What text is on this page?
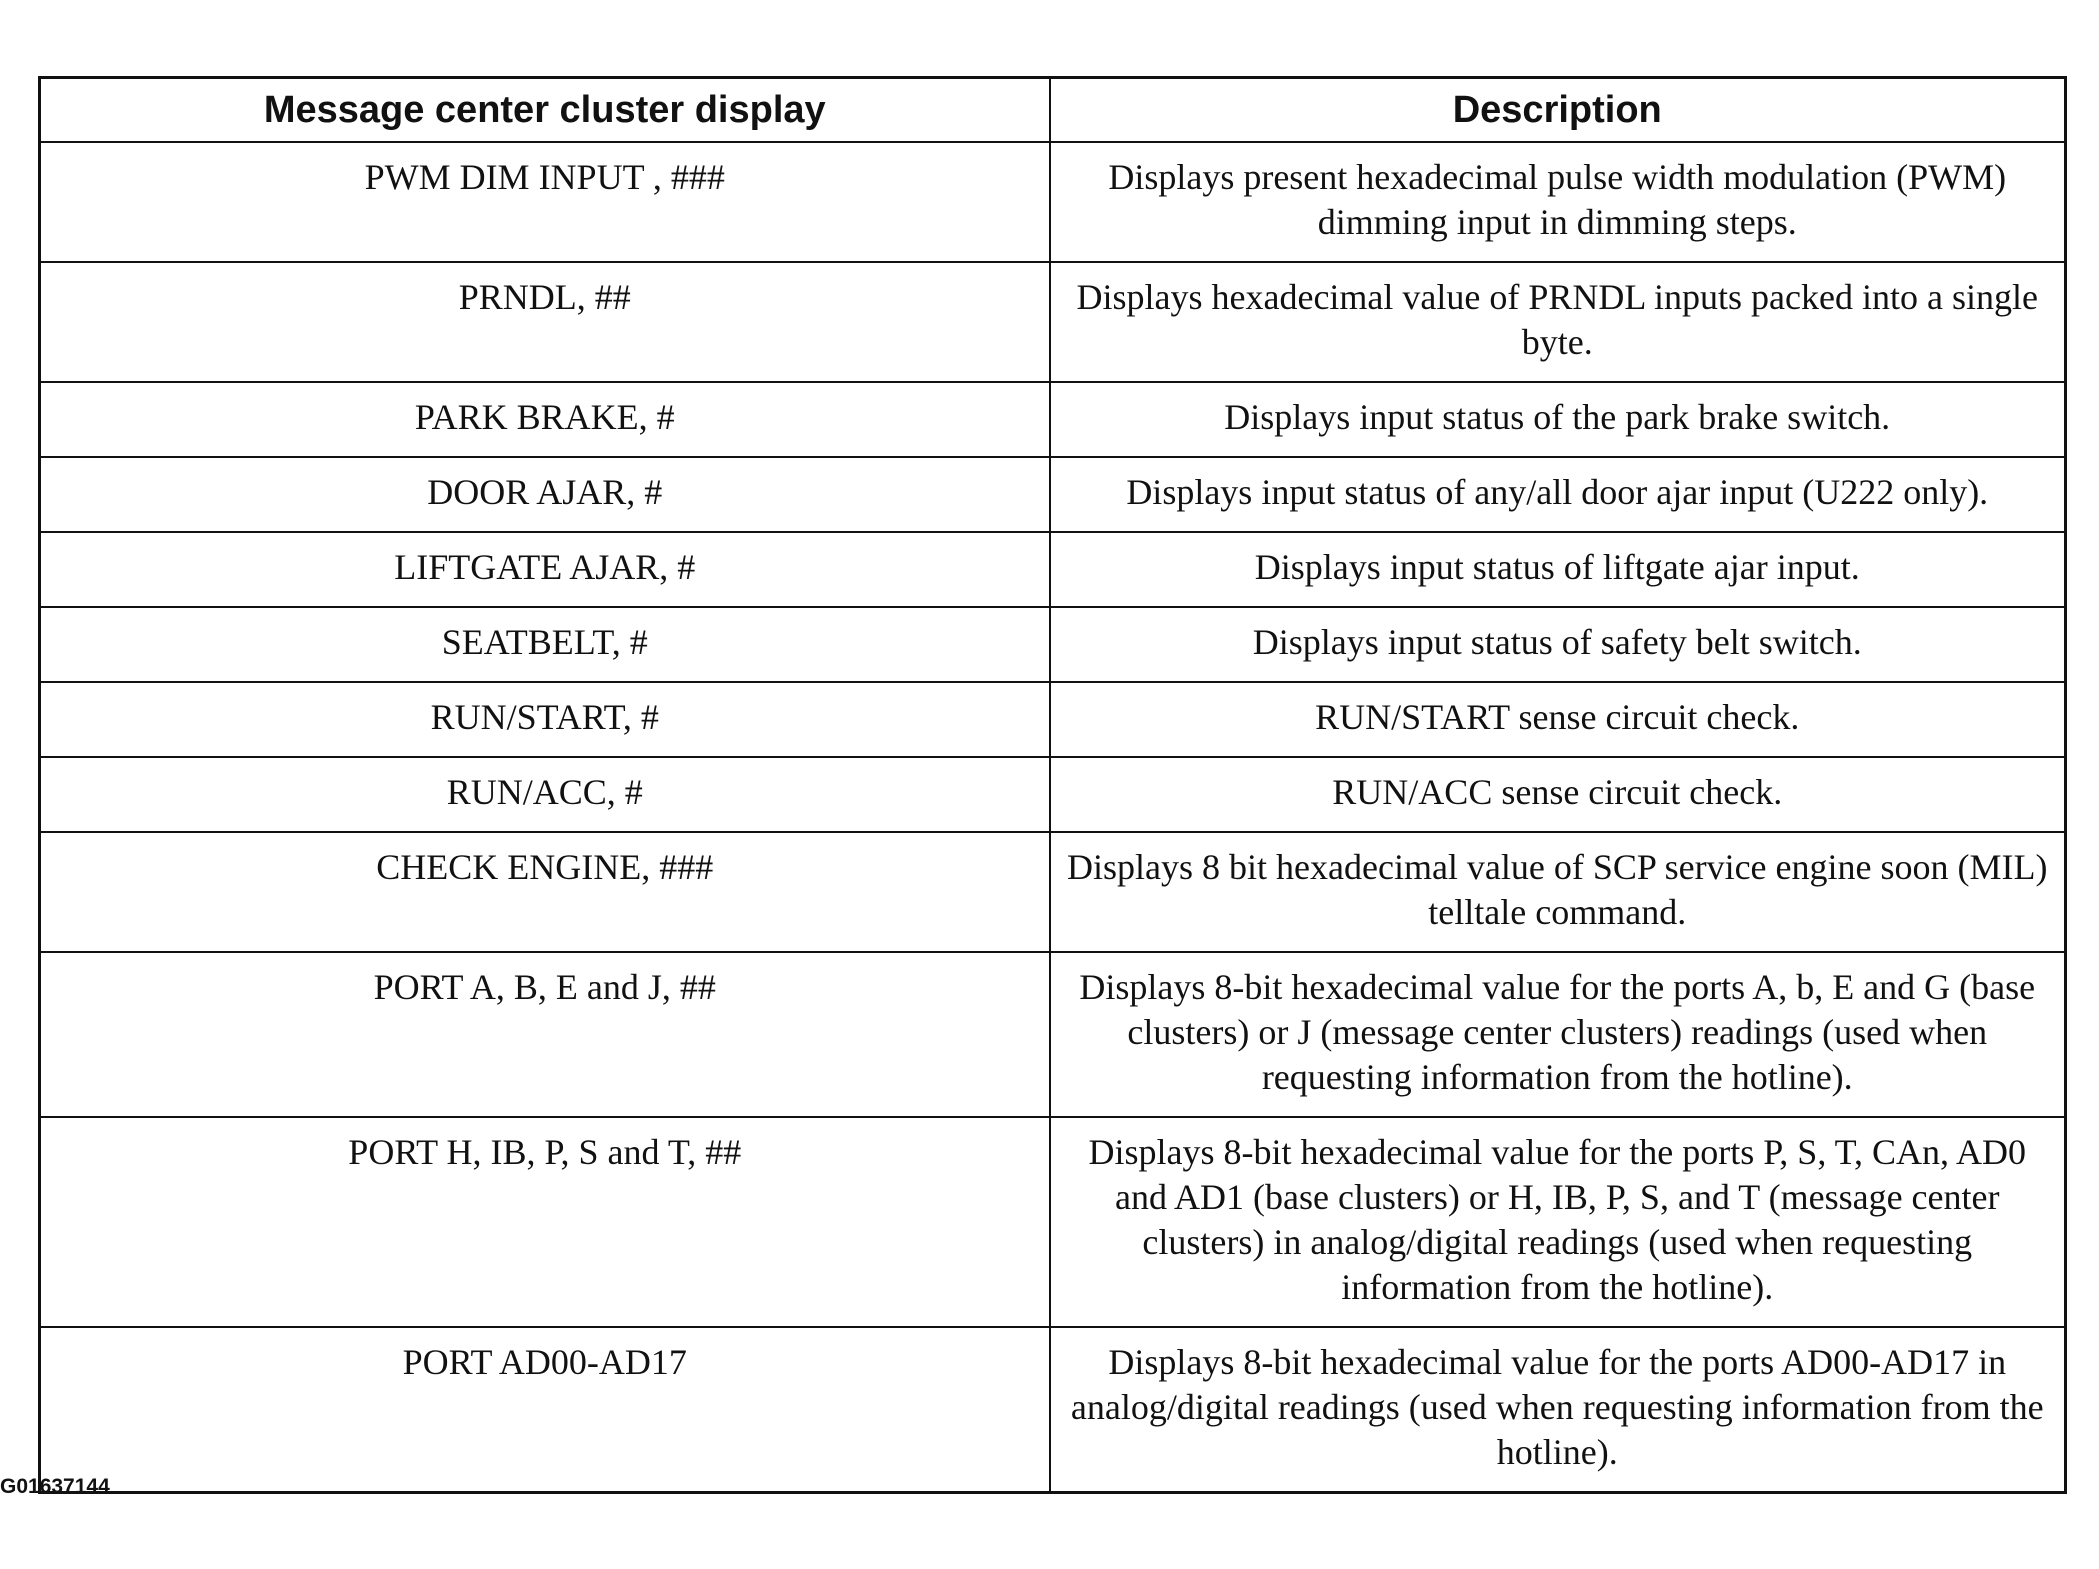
Message center cluster display	Description
PWM DIM INPUT , ###	Displays present hexadecimal pulse width modulation (PWM) dimming input in dimming steps.
PRNDL, ##	Displays hexadecimal value of PRNDL inputs packed into a single byte.
PARK BRAKE, #	Displays input status of the park brake switch.
DOOR AJAR, #	Displays input status of any/all door ajar input (U222 only).
LIFTGATE AJAR, #	Displays input status of liftgate ajar input.
SEATBELT, #	Displays input status of safety belt switch.
RUN/START, #	RUN/START sense circuit check.
RUN/ACC, #	RUN/ACC sense circuit check.
CHECK ENGINE, ###	Displays 8 bit hexadecimal value of SCP service engine soon (MIL) telltale command.
PORT A, B, E and J, ##	Displays 8-bit hexadecimal value for the ports A, b, E and G (base clusters) or J (message center clusters) readings (used when requesting information from the hotline).
PORT H, IB, P, S and T, ##	Displays 8-bit hexadecimal value for the ports P, S, T, CAn, AD0 and AD1 (base clusters) or H, IB, P, S, and T (message center clusters) in analog/digital readings (used when requesting information from the hotline).
PORT AD00-AD17	Displays 8-bit hexadecimal value for the ports AD00-AD17 in analog/digital readings (used when requesting information from the hotline).
G01637144
